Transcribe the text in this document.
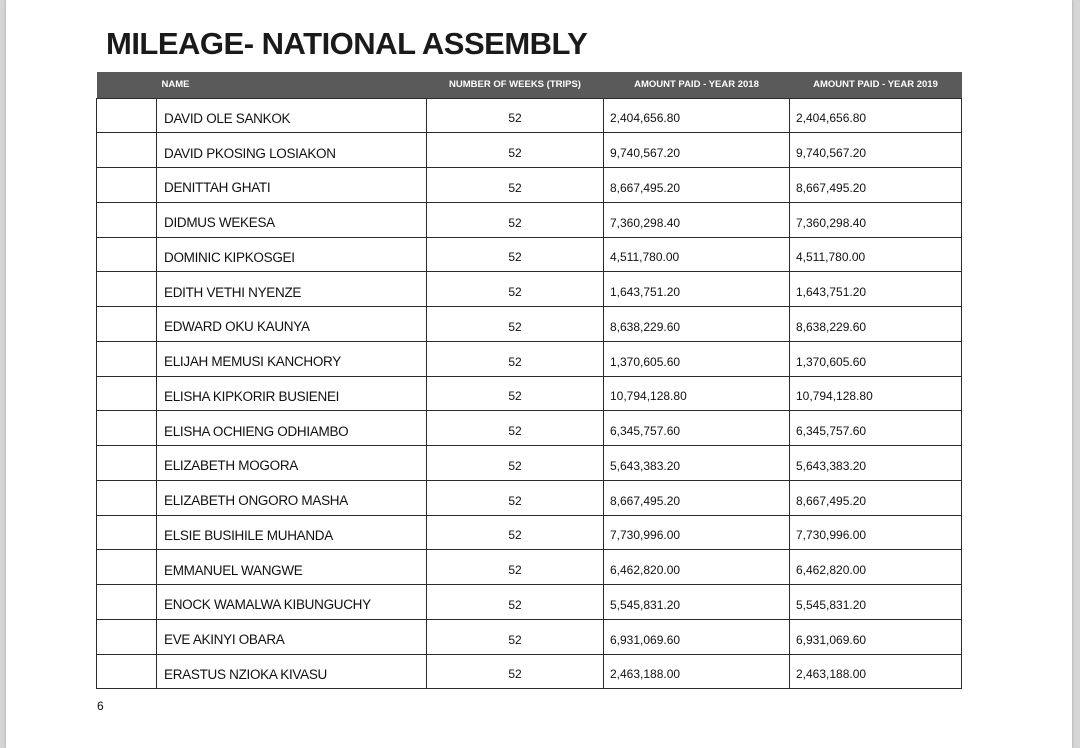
MILEAGE- NATIONAL ASSEMBLY
	NAME	NUMBER OF WEEKS (TRIPS)	AMOUNT PAID - YEAR 2018	AMOUNT PAID - YEAR 2019
	DAVID OLE SANKOK	52	2,404,656.80	2,404,656.80
	DAVID PKOSING LOSIAKON	52	9,740,567.20	9,740,567.20
	DENITTAH GHATI	52	8,667,495.20	8,667,495.20
	DIDMUS WEKESA	52	7,360,298.40	7,360,298.40
	DOMINIC KIPKOSGEI	52	4,511,780.00	4,511,780.00
	EDITH VETHI NYENZE	52	1,643,751.20	1,643,751.20
	EDWARD OKU KAUNYA	52	8,638,229.60	8,638,229.60
	ELIJAH MEMUSI KANCHORY	52	1,370,605.60	1,370,605.60
	ELISHA KIPKORIR BUSIENEI	52	10,794,128.80	10,794,128.80
	ELISHA OCHIENG ODHIAMBO	52	6,345,757.60	6,345,757.60
	ELIZABETH MOGORA	52	5,643,383.20	5,643,383.20
	ELIZABETH ONGORO MASHA	52	8,667,495.20	8,667,495.20
	ELSIE BUSIHILE MUHANDA	52	7,730,996.00	7,730,996.00
	EMMANUEL WANGWE	52	6,462,820.00	6,462,820.00
	ENOCK WAMALWA KIBUNGUCHY	52	5,545,831.20	5,545,831.20
	EVE AKINYI OBARA	52	6,931,069.60	6,931,069.60
	ERASTUS NZIOKA KIVASU	52	2,463,188.00	2,463,188.00
6
